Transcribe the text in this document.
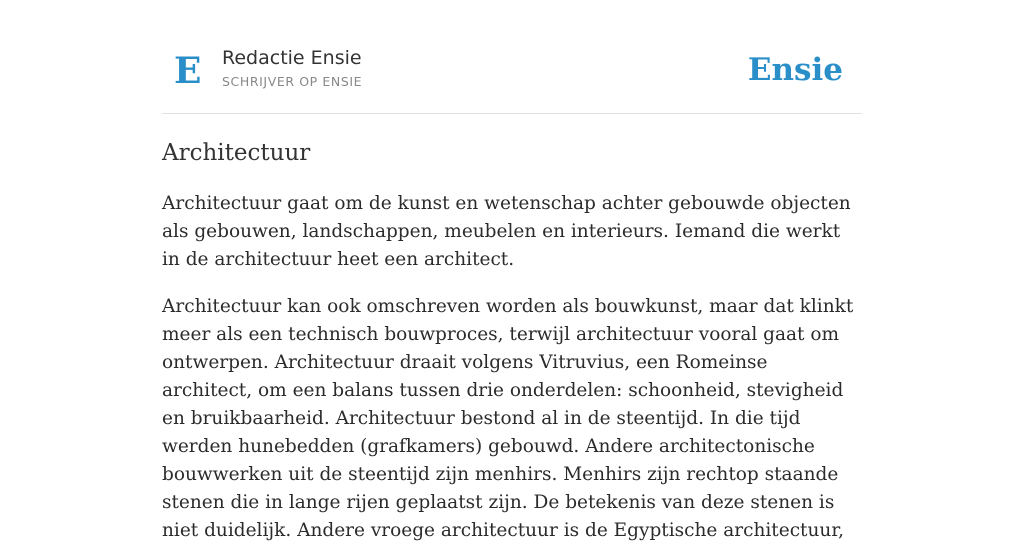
E Redactie Ensie
SCHRIJVER OP ENSIE	Ensie
Architectuur

Architectuur gaat om de kunst en wetenschap achter gebouwde objecten als gebouwen, landschappen, meubelen en interieurs. Iemand die werkt in de architectuur heet een architect.

Architectuur kan ook omschreven worden als bouwkunst, maar dat klinkt meer als een technisch bouwproces, terwijl architectuur vooral gaat om ontwerpen. Architectuur draait volgens Vitruvius, een Romeinse architect, om een balans tussen drie onderdelen: schoonheid, stevigheid en bruikbaarheid. Architectuur bestond al in de steentijd. In die tijd werden hunebedden (grafkamers) gebouwd. Andere architectonische bouwwerken uit de steentijd zijn menhirs. Menhirs zijn rechtop staande stenen die in lange rijen geplaatst zijn. De betekenis van deze stenen is niet duidelijk. Andere vroege architectuur is de Egyptische architectuur,
